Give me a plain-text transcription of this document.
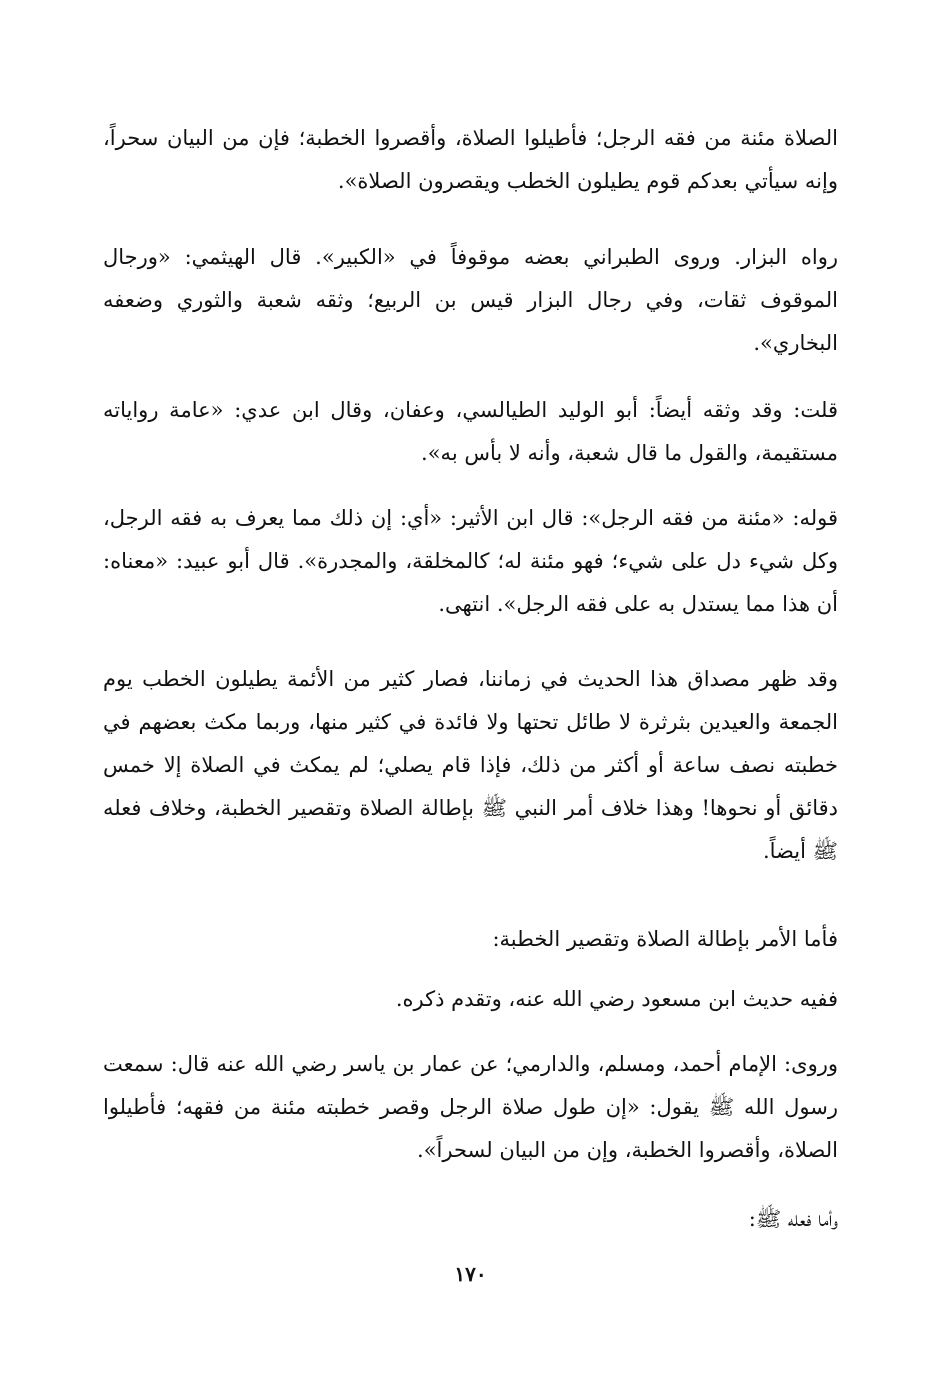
الصلاة مئنة من فقه الرجل؛ فأطيلوا الصلاة، وأقصروا الخطبة؛ فإن من البيان سحراً، وإنه سيأتي بعدكم قوم يطيلون الخطب ويقصرون الصلاة».

رواه البزار. وروى الطبراني بعضه موقوفاً في «الكبير». قال الهيثمي: «ورجال الموقوف ثقات، وفي رجال البزار قيس بن الربيع؛ وثقه شعبة والثوري وضعفه البخاري».

قلت: وقد وثقه أيضاً: أبو الوليد الطيالسي، وعفان، وقال ابن عدي: «عامة رواياته مستقيمة، والقول ما قال شعبة، وأنه لا بأس به».

قوله: «مئنة من فقه الرجل»: قال ابن الأثير: «أي: إن ذلك مما يعرف به فقه الرجل، وكل شيء دل على شيء؛ فهو مئنة له؛ كالمخلقة، والمجدرة». قال أبو عبيد: «معناه: أن هذا مما يستدل به على فقه الرجل». انتهى.

وقد ظهر مصداق هذا الحديث في زماننا، فصار كثير من الأئمة يطيلون الخطب يوم الجمعة والعيدين بثرثرة لا طائل تحتها ولا فائدة في كثير منها، وربما مكث بعضهم في خطبته نصف ساعة أو أكثر من ذلك، فإذا قام يصلي؛ لم يمكث في الصلاة إلا خمس دقائق أو نحوها! وهذا خلاف أمر النبي ﷺ بإطالة الصلاة وتقصير الخطبة، وخلاف فعله ﷺ أيضاً.

فأما الأمر بإطالة الصلاة وتقصير الخطبة:

ففيه حديث ابن مسعود رضي الله عنه، وتقدم ذكره.

وروى: الإمام أحمد، ومسلم، والدارمي؛ عن عمار بن ياسر رضي الله عنه قال: سمعت رسول الله ﷺ يقول: «إن طول صلاة الرجل وقصر خطبته مئنة من فقهه؛ فأطيلوا الصلاة، وأقصروا الخطبة، وإن من البيان لسحراً».

وأما فعله ﷺ:

١٧٠
